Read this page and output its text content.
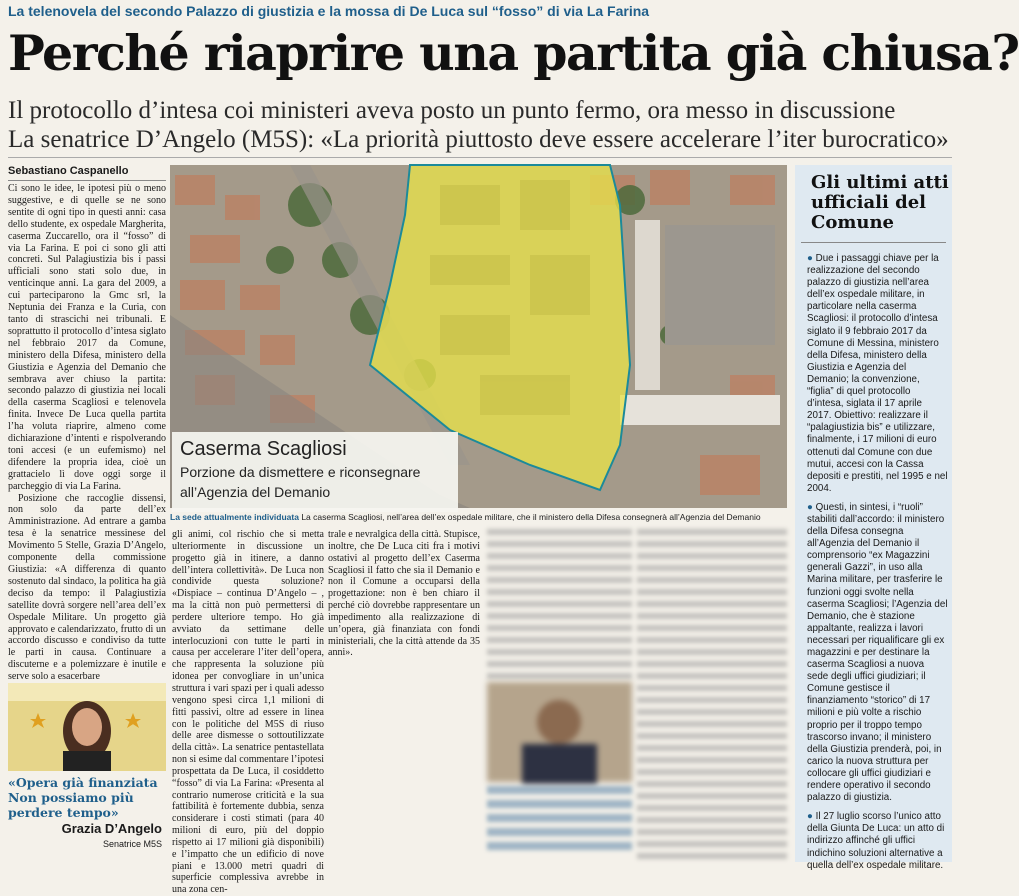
La telenovela del secondo Palazzo di giustizia e la mossa di De Luca sul “fosso” di via La Farina
Perché riaprire una partita già chiusa?
Il protocollo d’intesa coi ministeri aveva posto un punto fermo, ora messo in discussione
La senatrice D’Angelo (M5S): «La priorità piuttosto deve essere accelerare l’iter burocratico»
Sebastiano Caspanello

Ci sono le idee, le ipotesi più o meno suggestive, e di quelle se ne sono sentite di ogni tipo in questi anni: casa dello studente, ex ospedale Margherita, caserma Zuccarello, ora il “fosso” di via La Farina. E poi ci sono gli atti concreti. Sul Palagiustizia bis i passi ufficiali sono stati solo due, in venticinque anni. La gara del 2009, a cui parteciparono la Gmc srl, la Neptunia dei Franza e la Curia, con tanto di strascichi nei tribunali. E soprattutto il protocollo d’intesa siglato nel febbraio 2017 da Comune, ministero della Difesa, ministero della Giustizia e Agenzia del Demanio che sembrava aver chiuso la partita: secondo palazzo di giustizia nei locali della caserma Scagliosi e telenovela finita. Invece De Luca quella partita l’ha voluta riaprire, almeno come dichiarazione d’intenti e rispolverando toni accesi (e un eufemismo) nel difendere la propria idea, cioè un grattacielo lì dove oggi sorge il parcheggio di via La Farina.

Posizione che raccoglie dissensi, non solo da parte dell’ex Amministrazione. Ad entrare a gamba tesa è la senatrice messinese del Movimento 5 Stelle, Grazia D’Angelo, componente della commissione Giustizia: «A differenza di quanto sostenuto dal sindaco, la politica ha già deciso da tempo: il Palagiustizia satellite dovrà sorgere nell’area dell’ex Ospedale Militare. Un progetto già approvato e calendarizzato, frutto di un accordo discusso e condiviso da tutte le parti in causa. Continuare a discuterne e a polemizzare è inutile e serve solo a esacerbare

Caserma Scagliosi
Porzione da dismettere e riconsegnare
all’Agenzia del Demanio
La sede attualmente individuata La caserma Scagliosi, nell’area dell’ex ospedale militare, che il ministero della Difesa consegnerà all’Agenzia del Demanio

gli animi, col rischio che si metta ulteriormente in discussione un progetto già in itinere, a danno dell’intera collettività». De Luca non condivide questa soluzione? «Dispiace – continua D’Angelo – , ma la città non può permettersi di perdere ulteriore tempo. Ho già avviato da settimane delle interlocuzioni con tutte le parti in causa per accelerare l’iter dell’opera, che rappresenta la soluzione più idonea per convogliare in un’unica struttura i vari spazi per i quali adesso vengono spesi circa 1,1 milioni di fitti passivi, oltre ad essere in linea con le politiche del M5S di riuso delle aree dismesse o sottoutilizzate della città». La senatrice pentastellata non si esime dal commentare l’ipotesi prospettata da De Luca, il cosiddetto “fosso” di via La Farina: «Presenta al contrario numerose criticità e la sua fattibilità è fortemente dubbia, senza considerare i costi stimati (para 40 milioni di euro, più del doppio rispetto ai 17 milioni già disponibili) e l’impatto che un edificio di nove piani e 13.000 metri quadri di superficie complessiva avrebbe in una zona cen-

trale e nevralgica della città. Stupisce, inoltre, che De Luca citi fra i motivi ostativi al progetto dell’ex Caserma Scagliosi il fatto che sia il Demanio e non il Comune a occuparsi della progettazione: non è ben chiaro il perché ciò dovrebbe rappresentare un impedimento alla realizzazione di un’opera, già finanziata con fondi ministeriali, che la città attende da 35 anni».

«Opera già finanziata Non possiamo più perdere tempo»
Grazia D’Angelo
Senatrice M5S
Gli ultimi atti ufficiali del Comune

● Due i passaggi chiave per la realizzazione del secondo palazzo di giustizia nell’area dell’ex ospedale militare, in particolare nella caserma Scagliosi: il protocollo d’intesa siglato il 9 febbraio 2017 da Comune di Messina, ministero della Difesa, ministero della Giustizia e Agenzia del Demanio; la convenzione, “figlia” di quel protocollo d’intesa, siglata il 17 aprile 2017. Obiettivo: realizzare il “palagiustizia bis” e utilizzare, finalmente, i 17 milioni di euro ottenuti dal Comune con due mutui, accesi con la Cassa depositi e prestiti, nel 1995 e nel 2004.

● Questi, in sintesi, i “ruoli” stabiliti dall’accordo: il ministero della Difesa consegna all’Agenzia del Demanio il comprensorio “ex Magazzini generali Gazzi”, in uso alla Marina militare, per trasferire le funzioni oggi svolte nella caserma Scagliosi; l’Agenzia del Demanio, che è stazione appaltante, realizza i lavori necessari per riqualificare gli ex magazzini e per destinare la caserma Scagliosi a nuova sede degli uffici giudiziari; il Comune gestisce il finanziamento “storico” di 17 milioni e più volte a rischio proprio per il troppo tempo trascorso invano; il ministero della Giustizia prenderà, poi, in carico la nuova struttura per collocare gli uffici giudiziari e rendere operativo il secondo palazzo di giustizia.

● Il 27 luglio scorso l’unico atto della Giunta De Luca: un atto di indirizzo affinché gli uffici indichino soluzioni alternative a quella dell’ex ospedale militare.
